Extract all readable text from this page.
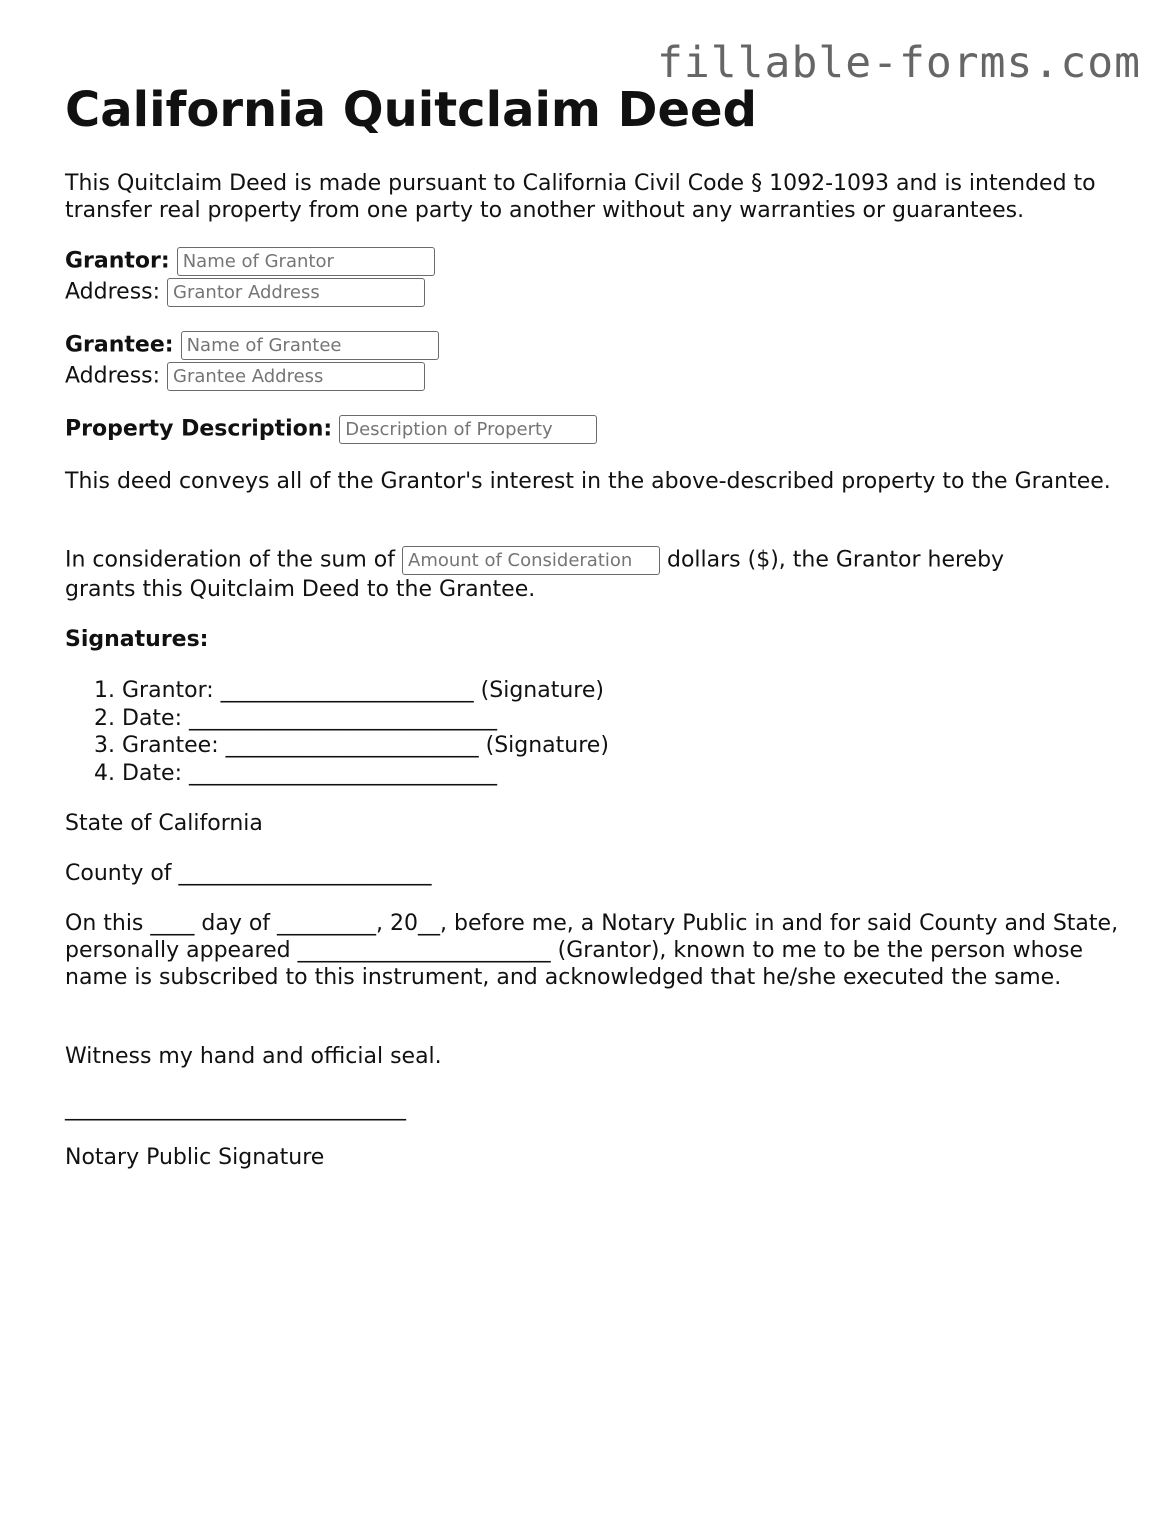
fillable-forms.com
California Quitclaim Deed

This Quitclaim Deed is made pursuant to California Civil Code § 1092-1093 and is intended to transfer real property from one party to another without any warranties or guarantees.

Grantor: Name of Grantor
Address: Grantor Address
Grantee: Name of Grantee
Address: Grantee Address
Property Description: Description of Property

This deed conveys all of the Grantor's interest in the above-described property to the Grantee.

In consideration of the sum of Amount of Consideration	dollars ($), the Grantor hereby

grants this Quitclaim Deed to the Grantee.

Signatures:

1. Grantor: _______________________ (Signature)
2. Date: ____________________________
3. Grantee: _______________________ (Signature)
4. Date: ____________________________

State of California

County of _______________________

On this ____ day of _________, 20__, before me, a Notary Public in and for said County and State, personally appeared _______________________ (Grantor), known to me to be the person whose name is subscribed to this instrument, and acknowledged that he/she executed the same.

Witness my hand and official seal.

_______________________________

Notary Public Signature
